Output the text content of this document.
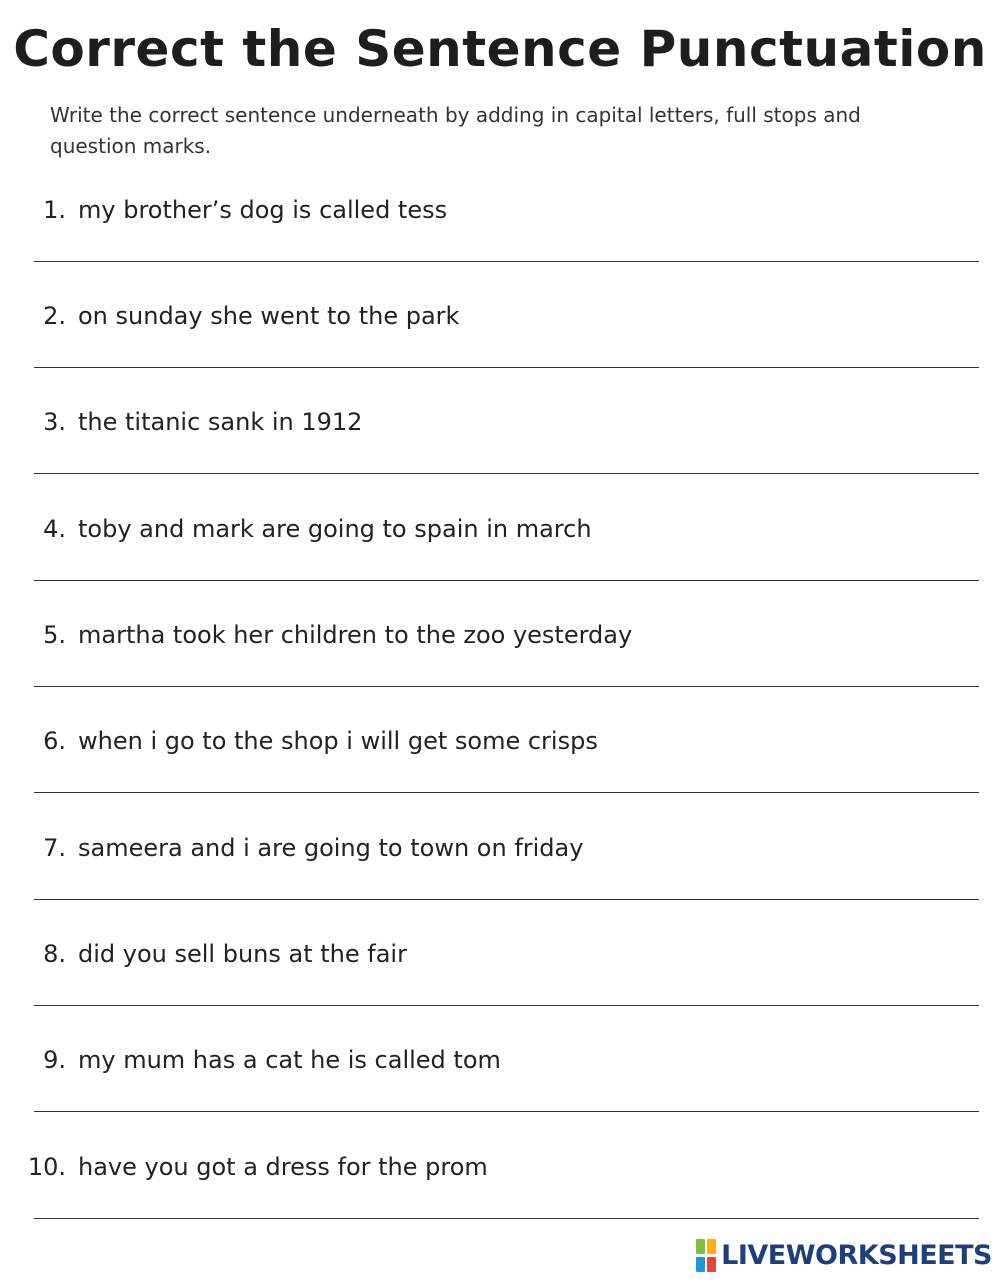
Correct the Sentence Punctuation

Write the correct sentence underneath by adding in capital letters, full stops and question marks.

1. my brother’s dog is called tess
2. on sunday she went to the park
3. the titanic sank in 1912
4. toby and mark are going to spain in march
5. martha took her children to the zoo yesterday
6. when i go to the shop i will get some crisps
7. sameera and i are going to town on friday
8. did you sell buns at the fair
9. my mum has a cat he is called tom
10. have you got a dress for the prom
LIVEWORKSHEETS
